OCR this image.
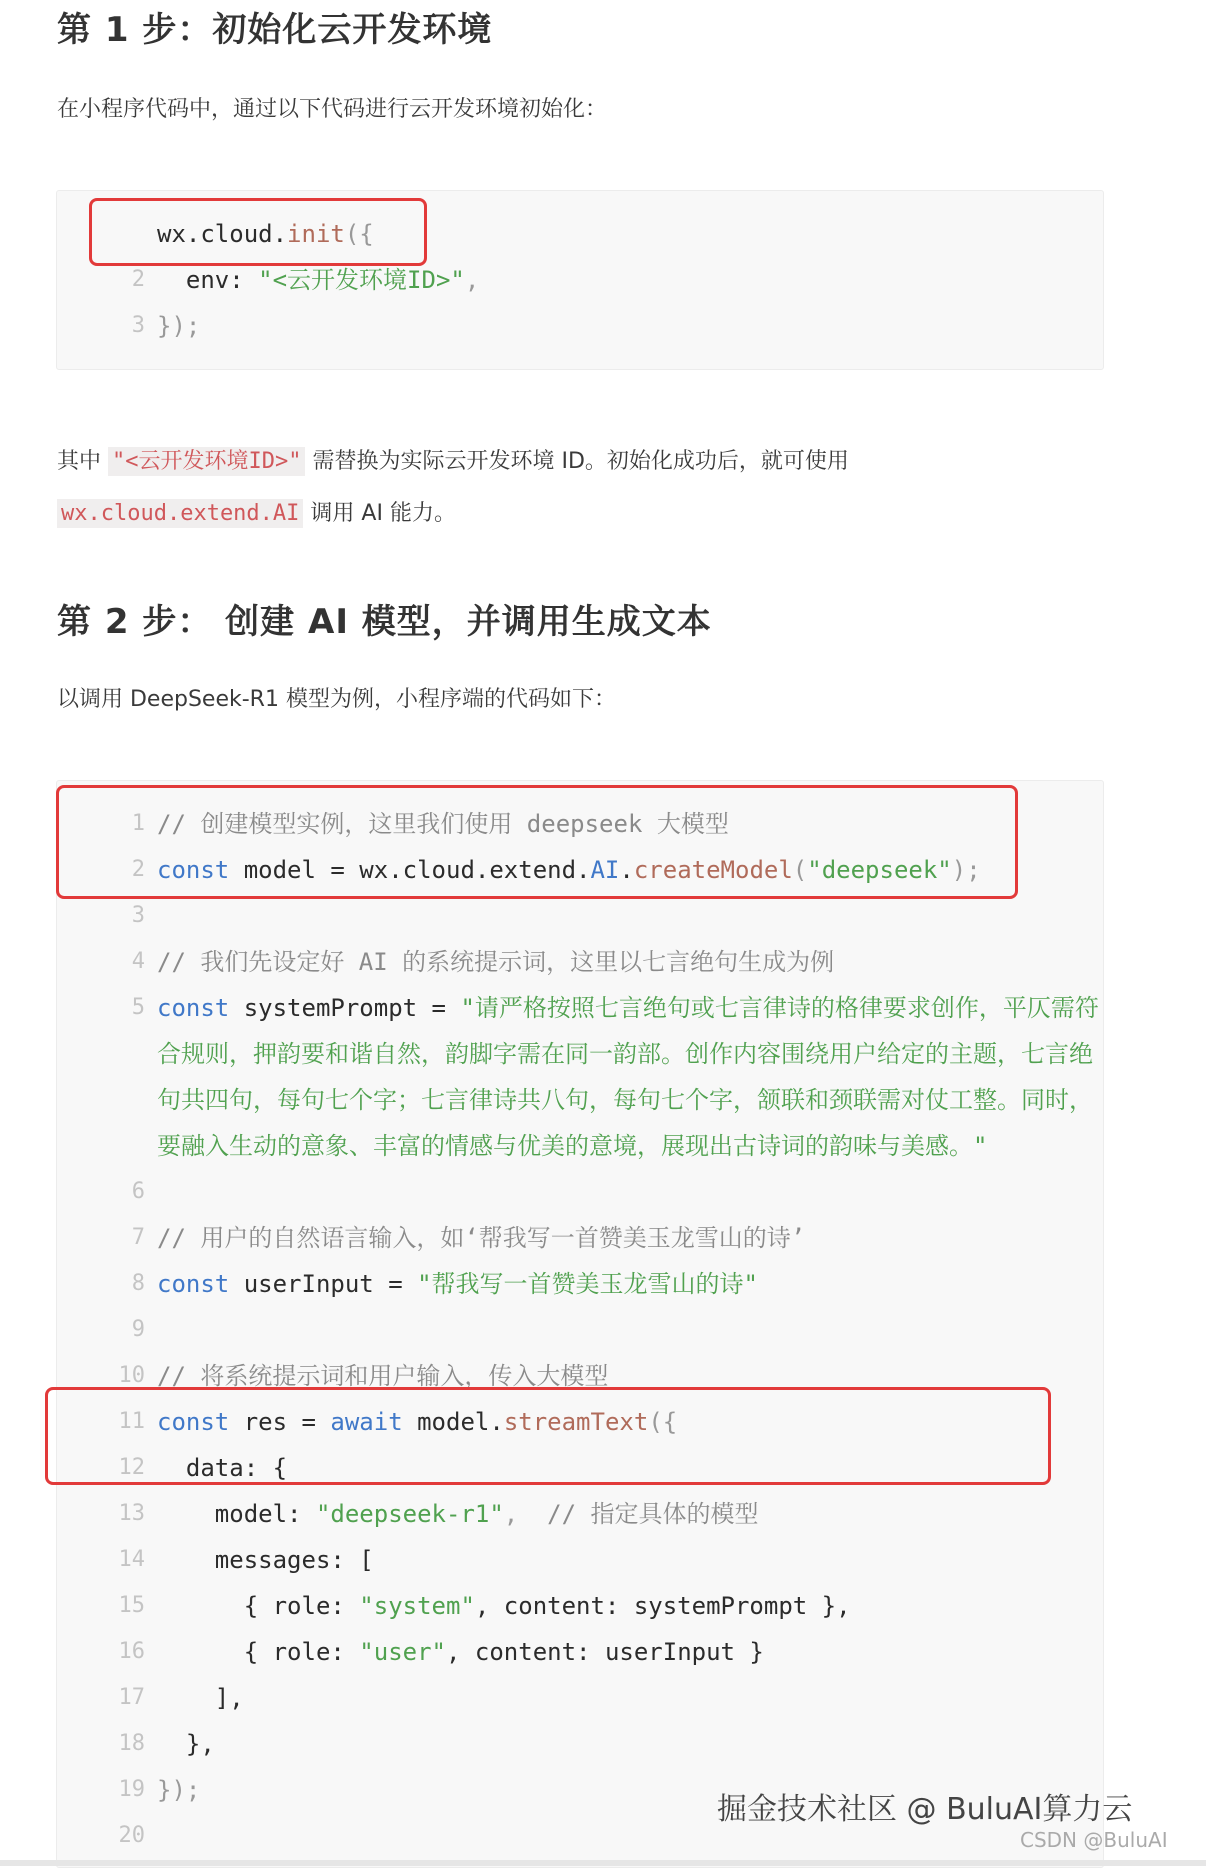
第 1 步：初始化云开发环境
在小程序代码中，通过以下代码进行云开发环境初始化：
wx.cloud.init({
2 env: "<云开发环境ID>",
3 });
其中 "<云开发环境ID>" 需替换为实际云开发环境 ID。初始化成功后，就可使用
wx.cloud.extend.AI 调用 AI 能力。
第 2 步： 创建 AI 模型，并调用生成文本
以调用 DeepSeek-R1 模型为例，小程序端的代码如下：
1 // 创建模型实例，这里我们使用 deepseek 大模型
2 const model = wx.cloud.extend.AI.createModel("deepseek");
3
4 // 我们先设定好 AI 的系统提示词，这里以七言绝句生成为例
5 const systemPrompt = "请严格按照七言绝句或七言律诗的格律要求创作，平仄需符
合规则，押韵要和谐自然，韵脚字需在同一韵部。创作内容围绕用户给定的主题，七言绝
句共四句，每句七个字；七言律诗共八句，每句七个字，颔联和颈联需对仗工整。同时，
要融入生动的意象、丰富的情感与优美的意境，展现出古诗词的韵味与美感。"
6
7 // 用户的自然语言输入，如‘帮我写一首赞美玉龙雪山的诗’
8 const userInput = "帮我写一首赞美玉龙雪山的诗"
9
10 // 将系统提示词和用户输入，传入大模型
11 const res = await model.streamText({
12 data: {
13 model: "deepseek-r1",  // 指定具体的模型
14 messages: [
15 { role: "system", content: systemPrompt },
16 { role: "user", content: userInput }
17 ],
18 },
19 });
20
掘金技术社区 @ BuluAI算力云
CSDN @BuluAI
